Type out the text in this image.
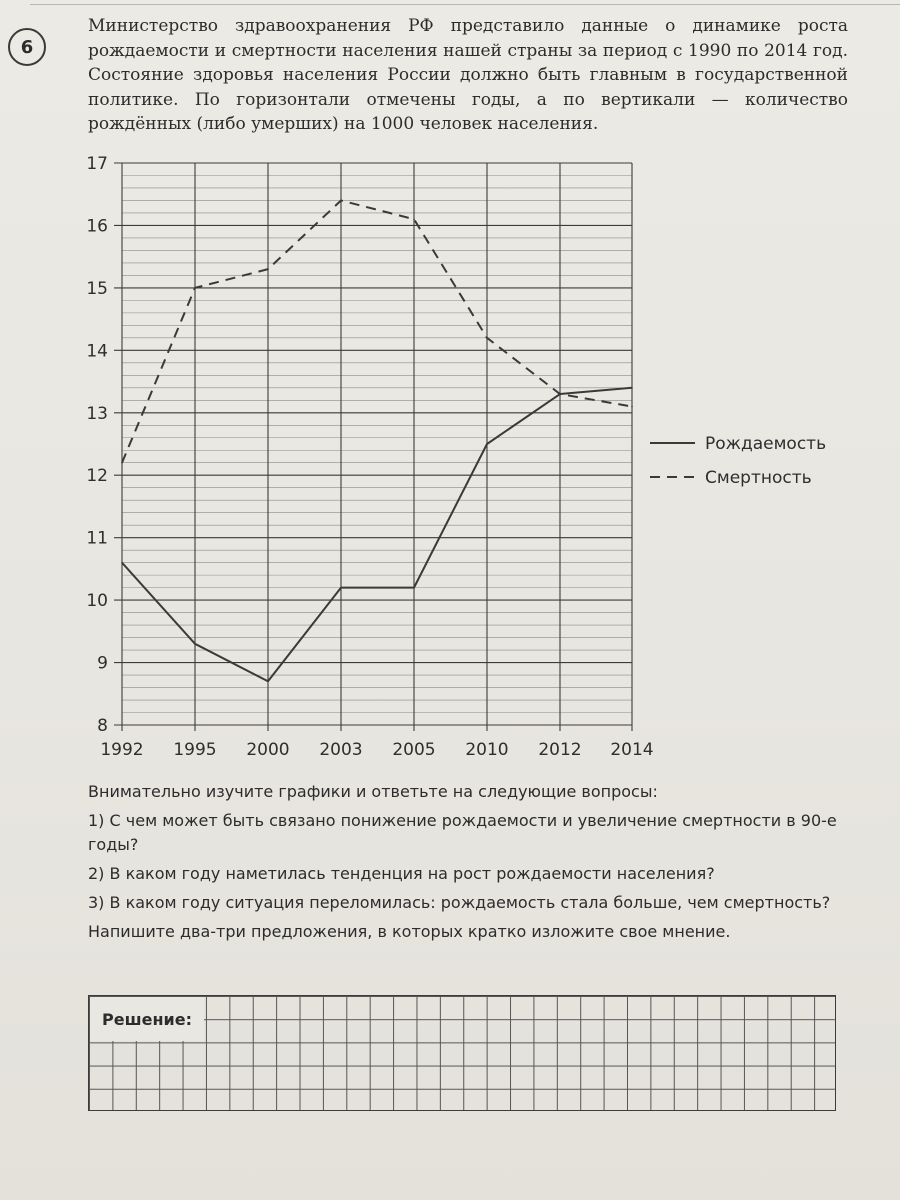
6

Министерство здравоохранения РФ представило данные о динамике роста рождаемости и смертности населения нашей страны за период с 1990 по 2014 год. Состояние здоровья населения России должно быть главным в государственной политике. По горизонтали отмечены годы, а по вертикали — количество рождённых (либо умерших) на 1000 человек населения.

8
9
10
11
12
13
14
15
16
17
1992 1995 2000 2003 2005 2010 2012 2014
Рождаемость
Смертность

Внимательно изучите графики и ответьте на следующие вопросы:

1) С чем может быть связано понижение рождаемости и увеличение смертности в 90-е годы?

2) В каком году наметилась тенденция на рост рождаемости населения?

3) В каком году ситуация переломилась: рождаемость стала больше, чем смертность?

Напишите два-три предложения, в которых кратко изложите свое мнение.

Решение:
